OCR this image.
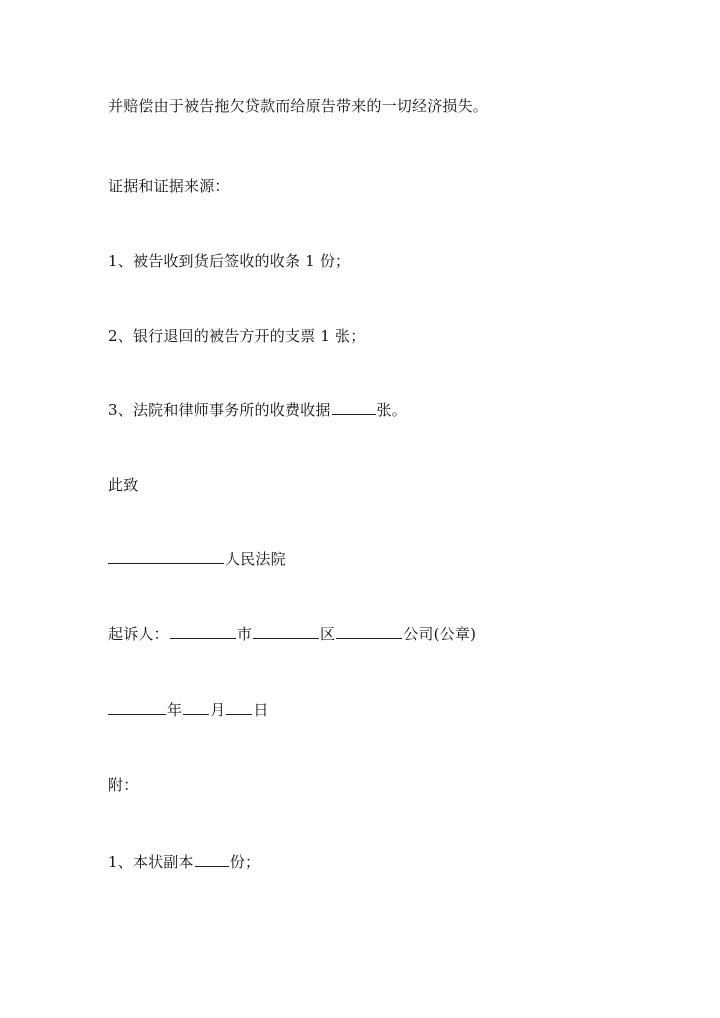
并赔偿由于被告拖欠贷款而给原告带来的一切经济损失。
证据和证据来源：
1、被告收到货后签收的收条 1 份；
2、银行退回的被告方开的支票 1 张；
3、法院和律师事务所的收费收据	张。
此致
人民法院
起诉人：	市	区	公司(公章)
年 月 日
附：
1、本状副本 份；
